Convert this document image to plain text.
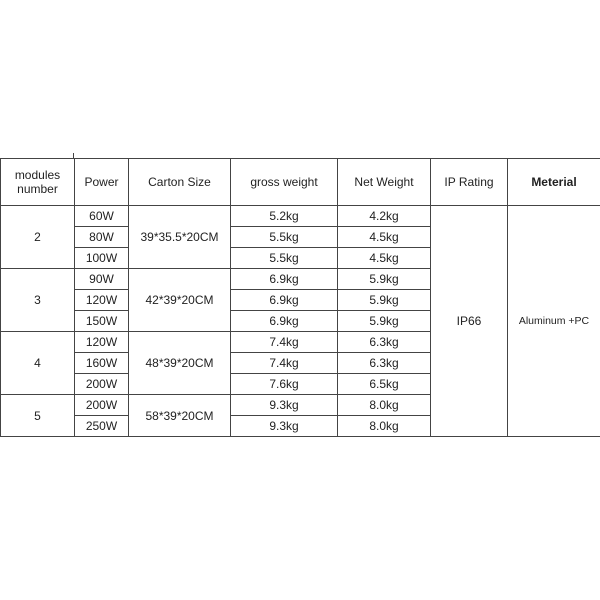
modules number	Power	Carton Size	gross weight	Net Weight	IP Rating	Meterial
2	60W	39*35.5*20CM	5.2kg	4.2kg	IP66	Aluminum +PC
	80W		5.5kg	4.5kg		
	100W		5.5kg	4.5kg		
3	90W	42*39*20CM	6.9kg	5.9kg		
	120W		6.9kg	5.9kg		
	150W		6.9kg	5.9kg		
4	120W	48*39*20CM	7.4kg	6.3kg		
	160W		7.4kg	6.3kg		
	200W		7.6kg	6.5kg		
5	200W	58*39*20CM	9.3kg	8.0kg		
	250W		9.3kg	8.0kg		
